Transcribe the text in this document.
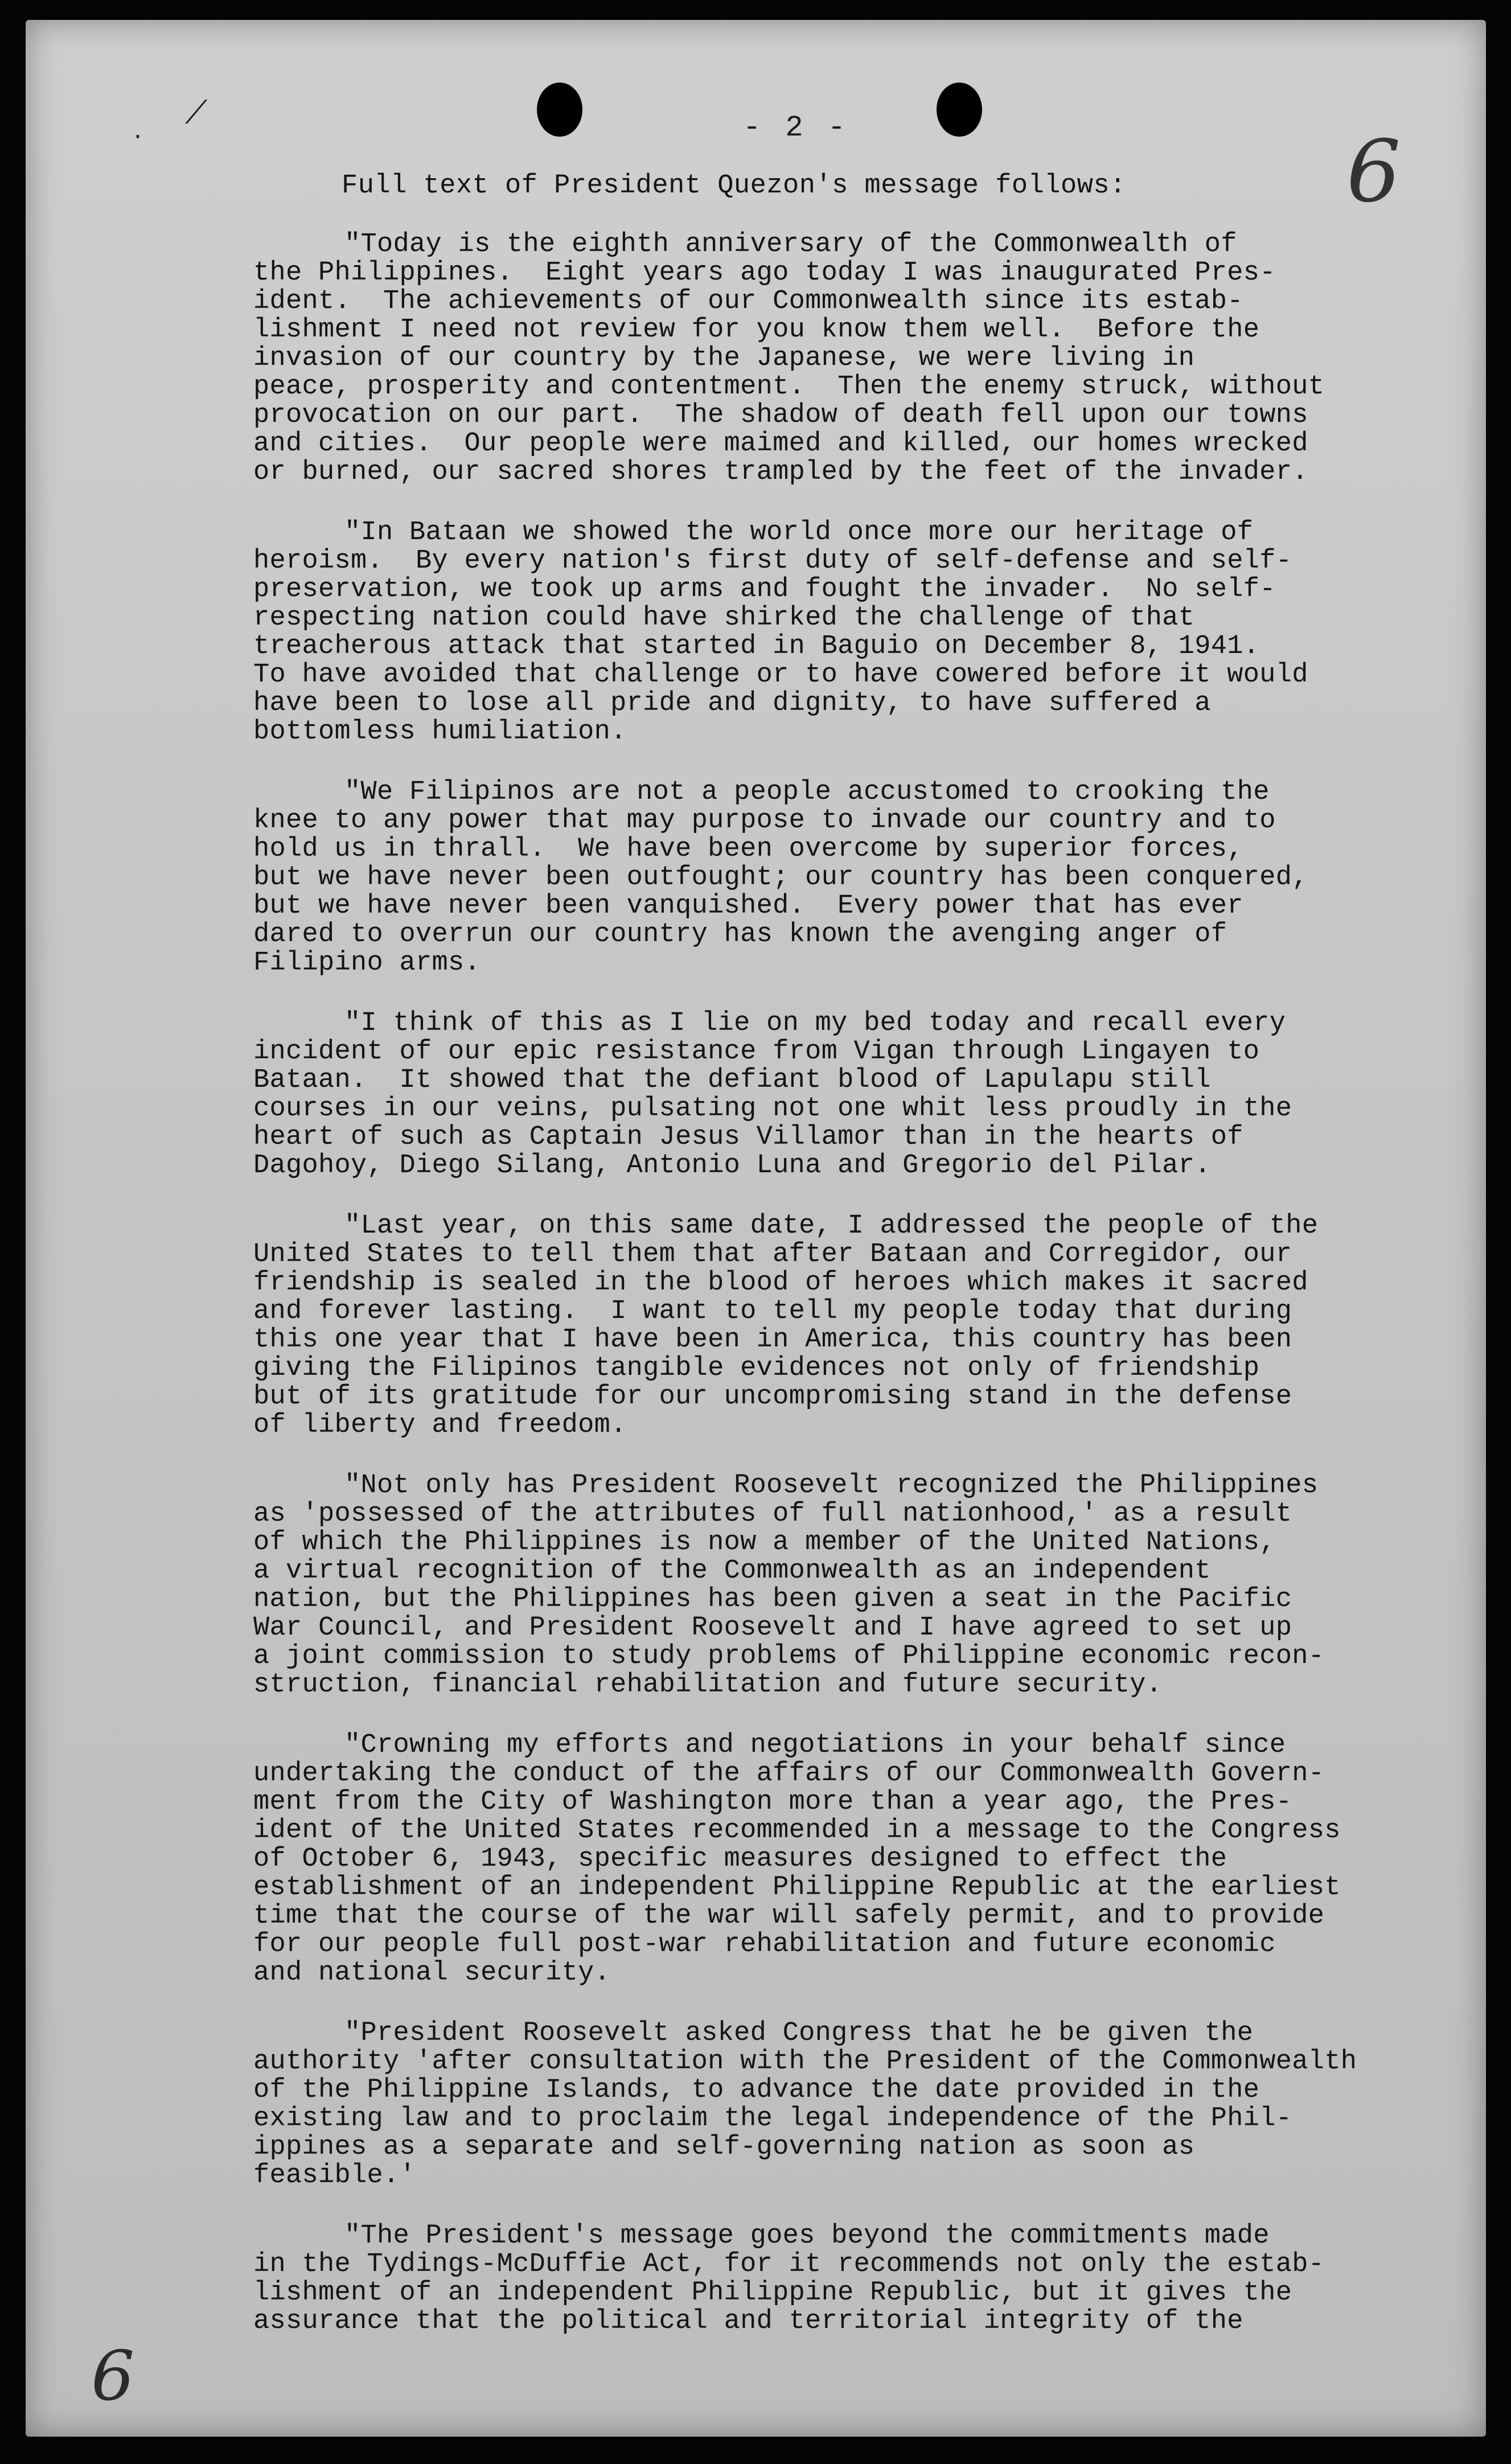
⟋
·	- 2 -	6
6
Full text of President Quezon's message follows:
"Today is the eighth anniversary of the Commonwealth of
the Philippines.  Eight years ago today I was inaugurated Pres-
ident.  The achievements of our Commonwealth since its estab-
lishment I need not review for you know them well.  Before the
invasion of our country by the Japanese, we were living in
peace, prosperity and contentment.  Then the enemy struck, without
provocation on our part.  The shadow of death fell upon our towns
and cities.  Our people were maimed and killed, our homes wrecked
or burned, our sacred shores trampled by the feet of the invader.
"In Bataan we showed the world once more our heritage of
heroism.  By every nation's first duty of self-defense and self-
preservation, we took up arms and fought the invader.  No self-
respecting nation could have shirked the challenge of that
treacherous attack that started in Baguio on December 8, 1941.
To have avoided that challenge or to have cowered before it would
have been to lose all pride and dignity, to have suffered a
bottomless humiliation.
"We Filipinos are not a people accustomed to crooking the
knee to any power that may purpose to invade our country and to
hold us in thrall.  We have been overcome by superior forces,
but we have never been outfought; our country has been conquered,
but we have never been vanquished.  Every power that has ever
dared to overrun our country has known the avenging anger of
Filipino arms.
"I think of this as I lie on my bed today and recall every
incident of our epic resistance from Vigan through Lingayen to
Bataan.  It showed that the defiant blood of Lapulapu still
courses in our veins, pulsating not one whit less proudly in the
heart of such as Captain Jesus Villamor than in the hearts of
Dagohoy, Diego Silang, Antonio Luna and Gregorio del Pilar.
"Last year, on this same date, I addressed the people of the
United States to tell them that after Bataan and Corregidor, our
friendship is sealed in the blood of heroes which makes it sacred
and forever lasting.  I want to tell my people today that during
this one year that I have been in America, this country has been
giving the Filipinos tangible evidences not only of friendship
but of its gratitude for our uncompromising stand in the defense
of liberty and freedom.
"Not only has President Roosevelt recognized the Philippines
as 'possessed of the attributes of full nationhood,' as a result
of which the Philippines is now a member of the United Nations,
a virtual recognition of the Commonwealth as an independent
nation, but the Philippines has been given a seat in the Pacific
War Council, and President Roosevelt and I have agreed to set up
a joint commission to study problems of Philippine economic recon-
struction, financial rehabilitation and future security.
"Crowning my efforts and negotiations in your behalf since
undertaking the conduct of the affairs of our Commonwealth Govern-
ment from the City of Washington more than a year ago, the Pres-
ident of the United States recommended in a message to the Congress
of October 6, 1943, specific measures designed to effect the
establishment of an independent Philippine Republic at the earliest
time that the course of the war will safely permit, and to provide
for our people full post-war rehabilitation and future economic
and national security.
"President Roosevelt asked Congress that he be given the
authority 'after consultation with the President of the Commonwealth
of the Philippine Islands, to advance the date provided in the
existing law and to proclaim the legal independence of the Phil-
ippines as a separate and self-governing nation as soon as
feasible.'
"The President's message goes beyond the commitments made
in the Tydings-McDuffie Act, for it recommends not only the estab-
lishment of an independent Philippine Republic, but it gives the
assurance that the political and territorial integrity of the
